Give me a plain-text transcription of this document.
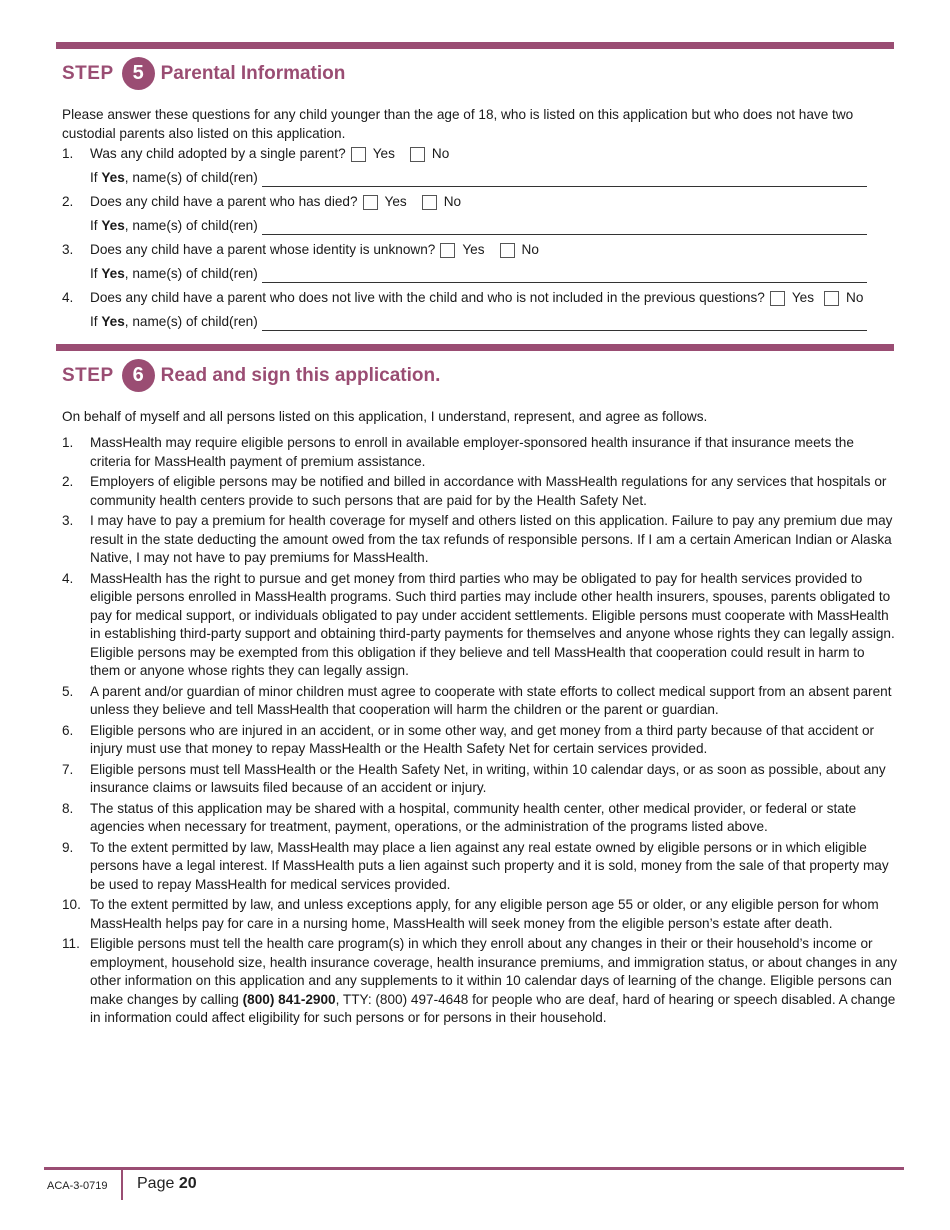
STEP 5 Parental Information
Please answer these questions for any child younger than the age of 18, who is listed on this application but who does not have two custodial parents also listed on this application.
1.	Was any child adopted by a single parent? Yes	No
If Yes, name(s) of child(ren)
2.	Does any child have a parent who has died? Yes	No
If Yes, name(s) of child(ren)
3.	Does any child have a parent whose identity is unknown? Yes	No
If Yes, name(s) of child(ren)
4.	Does any child have a parent who does not live with the child and who is not included in the previous questions? Yes No
If Yes, name(s) of child(ren)
STEP 6 Read and sign this application.
On behalf of myself and all persons listed on this application, I understand, represent, and agree as follows.
1.	MassHealth may require eligible persons to enroll in available employer-sponsored health insurance if that insurance meets the criteria for MassHealth payment of premium assistance.
2.	Employers of eligible persons may be notified and billed in accordance with MassHealth regulations for any services that hospitals or community health centers provide to such persons that are paid for by the Health Safety Net.
3.	I may have to pay a premium for health coverage for myself and others listed on this application. Failure to pay any premium due may result in the state deducting the amount owed from the tax refunds of responsible persons. If I am a certain American Indian or Alaska Native, I may not have to pay premiums for MassHealth.
4.	MassHealth has the right to pursue and get money from third parties who may be obligated to pay for health services provided to eligible persons enrolled in MassHealth programs. Such third parties may include other health insurers, spouses, parents obligated to pay for medical support, or individuals obligated to pay under accident settlements. Eligible persons must cooperate with MassHealth in establishing third-party support and obtaining third-party payments for themselves and anyone whose rights they can legally assign. Eligible persons may be exempted from this obligation if they believe and tell MassHealth that cooperation could result in harm to them or anyone whose rights they can legally assign.
5.	A parent and/or guardian of minor children must agree to cooperate with state efforts to collect medical support from an absent parent unless they believe and tell MassHealth that cooperation will harm the children or the parent or guardian.
6.	Eligible persons who are injured in an accident, or in some other way, and get money from a third party because of that accident or injury must use that money to repay MassHealth or the Health Safety Net for certain services provided.
7.	Eligible persons must tell MassHealth or the Health Safety Net, in writing, within 10 calendar days, or as soon as possible, about any insurance claims or lawsuits filed because of an accident or injury.
8.	The status of this application may be shared with a hospital, community health center, other medical provider, or federal or state agencies when necessary for treatment, payment, operations, or the administration of the programs listed above.
9.	To the extent permitted by law, MassHealth may place a lien against any real estate owned by eligible persons or in which eligible persons have a legal interest. If MassHealth puts a lien against such property and it is sold, money from the sale of that property may be used to repay MassHealth for medical services provided.
10. To the extent permitted by law, and unless exceptions apply, for any eligible person age 55 or older, or any eligible person for whom MassHealth helps pay for care in a nursing home, MassHealth will seek money from the eligible person’s estate after death.
11. Eligible persons must tell the health care program(s) in which they enroll about any changes in their or their household’s income or employment, household size, health insurance coverage, health insurance premiums, and immigration status, or about changes in any other information on this application and any supplements to it within 10 calendar days of learning of the change. Eligible persons can make changes by calling (800) 841-2900, TTY: (800) 497-4648 for people who are deaf, hard of hearing or speech disabled. A change in information could affect eligibility for such persons or for persons in their household.
ACA-3-0719 Page 20
